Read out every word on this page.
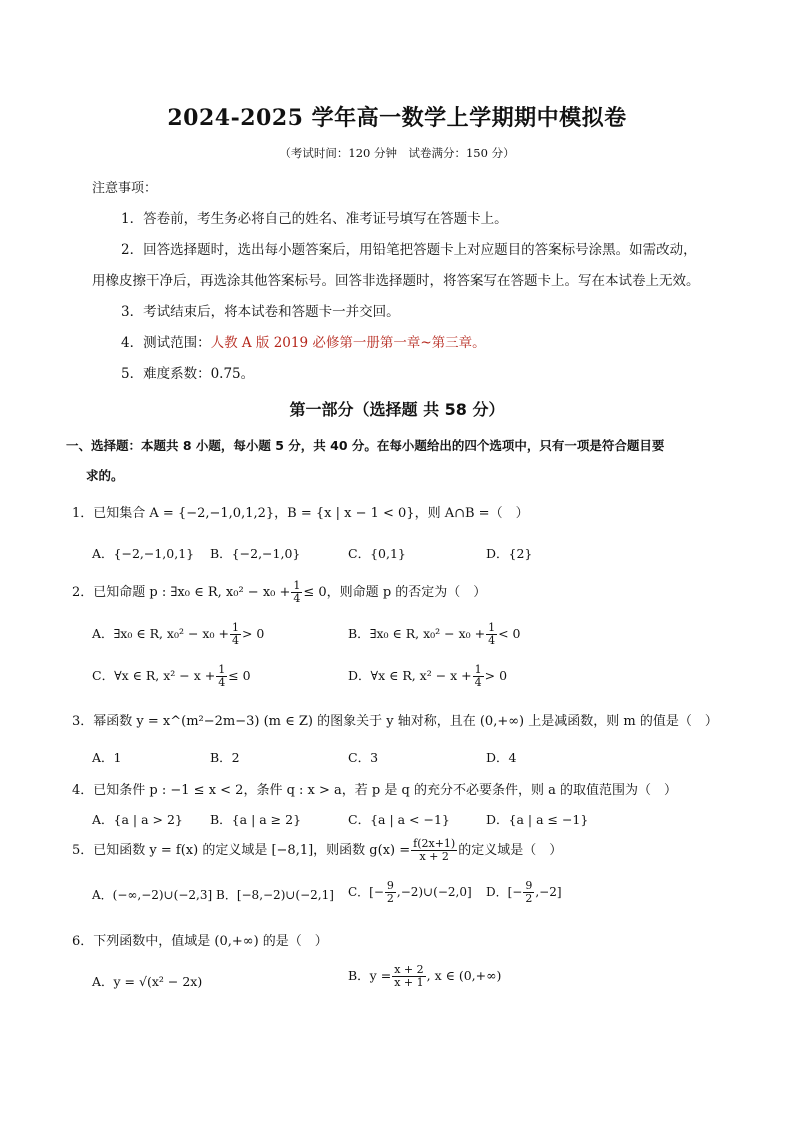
2024-2025 学年高一数学上学期期中模拟卷
（考试时间：120 分钟　试卷满分：150 分）
注意事项：
1．答卷前，考生务必将自己的姓名、准考证号填写在答题卡上。
2．回答选择题时，选出每小题答案后，用铅笔把答题卡上对应题目的答案标号涂黑。如需改动，
用橡皮擦干净后，再选涂其他答案标号。回答非选择题时，将答案写在答题卡上。写在本试卷上无效。
3．考试结束后，将本试卷和答题卡一并交回。
4．测试范围：人教 A 版 2019 必修第一册第一章~第三章。
5．难度系数：0.75。
第一部分（选择题 共 58 分）
一、选择题：本题共 8 小题，每小题 5 分，共 40 分。在每小题给出的四个选项中，只有一项是符合题目要
求的。
1．已知集合 A = {−2,−1,0,1,2}，B = {x | x − 1 < 0}，则 A∩B =（　）
A．{−2,−1,0,1} B．{−2,−1,0}	C．{0,1}	D．{2}
2．已知命题 p : ∃x₀ ∈ R, $x_0^2 - x_0 + \frac{1}{4} \le 0$，则命题 p 的否定为（　）
A．∃x₀ ∈ R, $x_0^2 - x_0 + \frac{1}{4} > 0$	B．∃x₀ ∈ R, $x_0^2 - x_0 + \frac{1}{4} < 0$
C．∀x ∈ R, $x^2 - x + \frac{1}{4} \le 0$	D．∀x ∈ R, $x^2 - x + \frac{1}{4} > 0$
3．幂函数 y = x^(m²−2m−3) (m ∈ Z) 的图象关于 y 轴对称，且在 (0,+∞) 上是减函数，则 m 的值是（　）
A．1	B．2	C．3	D．4
4．已知条件 p : −1 ≤ x < 2，条件 q : x > a，若 p 是 q 的充分不必要条件，则 a 的取值范围为（　）
A．{a | a > 2} B．{a | a ≥ 2}	C．{a | a < −1}	D．{a | a ≤ −1}
5．已知函数 y = f(x) 的定义域是 [−8,1]，则函数 $g(x) = \frac{f(2x+1)}{x + 2}$ 的定义域是（　）
A．(−∞,−2)∪(−2,3] B．[−8,−2)∪(−2,1] C．[− $\frac{9}{2}$ ,−2)∪(−2,0] D．[− $\frac{9}{2} ,-2$]
6．下列函数中，值域是 (0,+∞) 的是（　）
A．y = √(x² − 2x)	B．$y = \frac{x + 2}{x + 1}$ , x ∈ (0,+∞)
